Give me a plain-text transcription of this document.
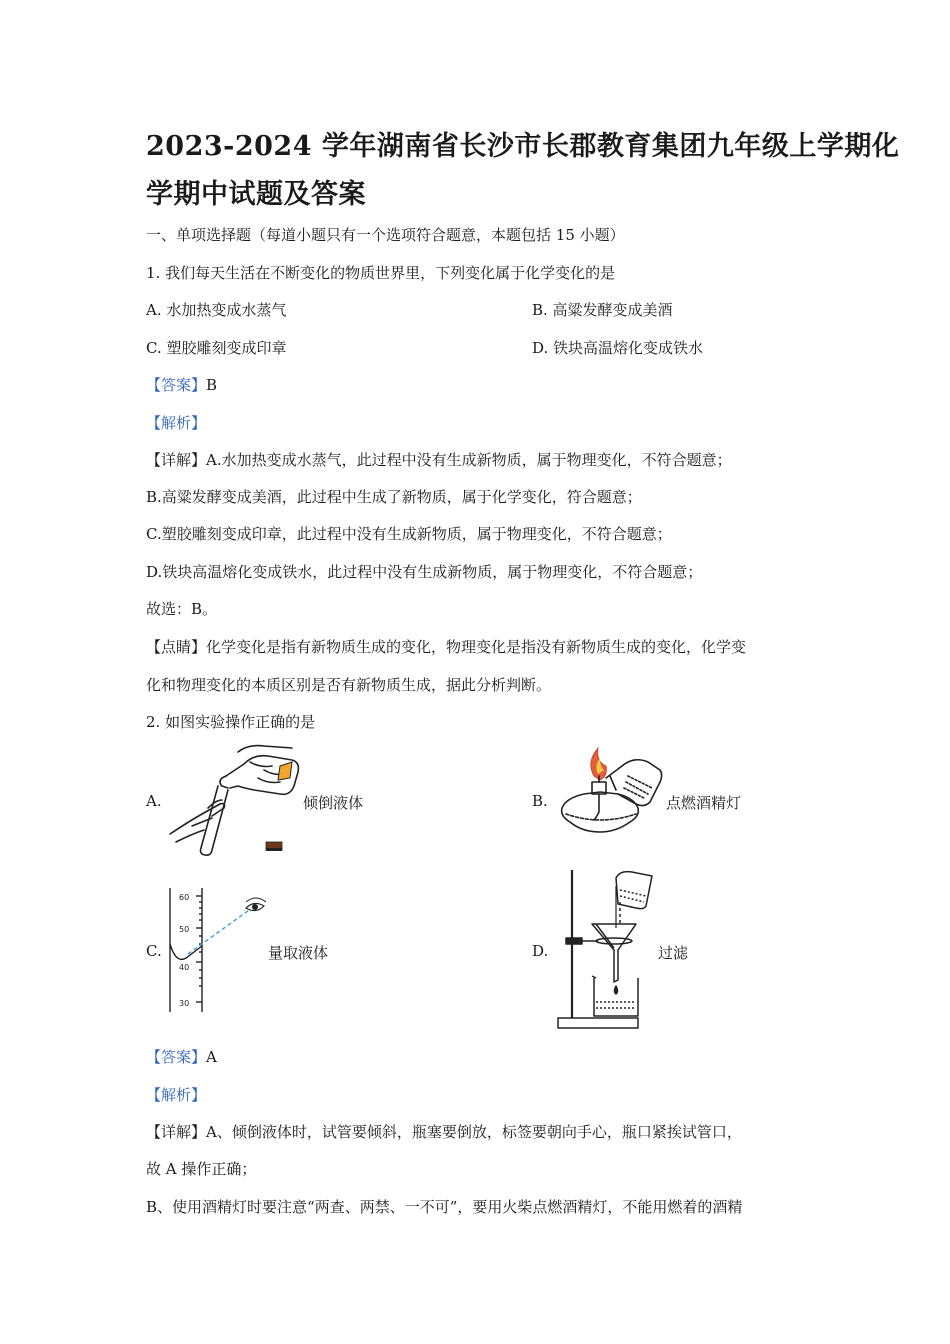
2023-2024 学年湖南省长沙市长郡教育集团九年级上学期化
学期中试题及答案
一、单项选择题（每道小题只有一个选项符合题意，本题包括 15 小题）
1. 我们每天生活在不断变化的物质世界里，下列变化属于化学变化的是
A. 水加热变成水蒸气	B. 高粱发酵变成美酒
C. 塑胶雕刻变成印章	D. 铁块高温熔化变成铁水
【答案】B
【解析】
【详解】A.水加热变成水蒸气，此过程中没有生成新物质，属于物理变化，不符合题意；
B.高粱发酵变成美酒，此过程中生成了新物质，属于化学变化，符合题意；
C.塑胶雕刻变成印章，此过程中没有生成新物质，属于物理变化，不符合题意；
D.铁块高温熔化变成铁水，此过程中没有生成新物质，属于物理变化，不符合题意；
故选：B。
【点睛】化学变化是指有新物质生成的变化，物理变化是指没有新物质生成的变化，化学变
化和物理变化的本质区别是否有新物质生成，据此分析判断。
2. 如图实验操作正确的是
A.	倾倒液体	B.	点燃酒精灯
C.
60
50
40
30
量取液体	D.	过滤
【答案】A
【解析】
【详解】A、倾倒液体时，试管要倾斜，瓶塞要倒放，标签要朝向手心，瓶口紧挨试管口，
故 A 操作正确；
B、使用酒精灯时要注意“两查、两禁、一不可”，要用火柴点燃酒精灯，不能用燃着的酒精
